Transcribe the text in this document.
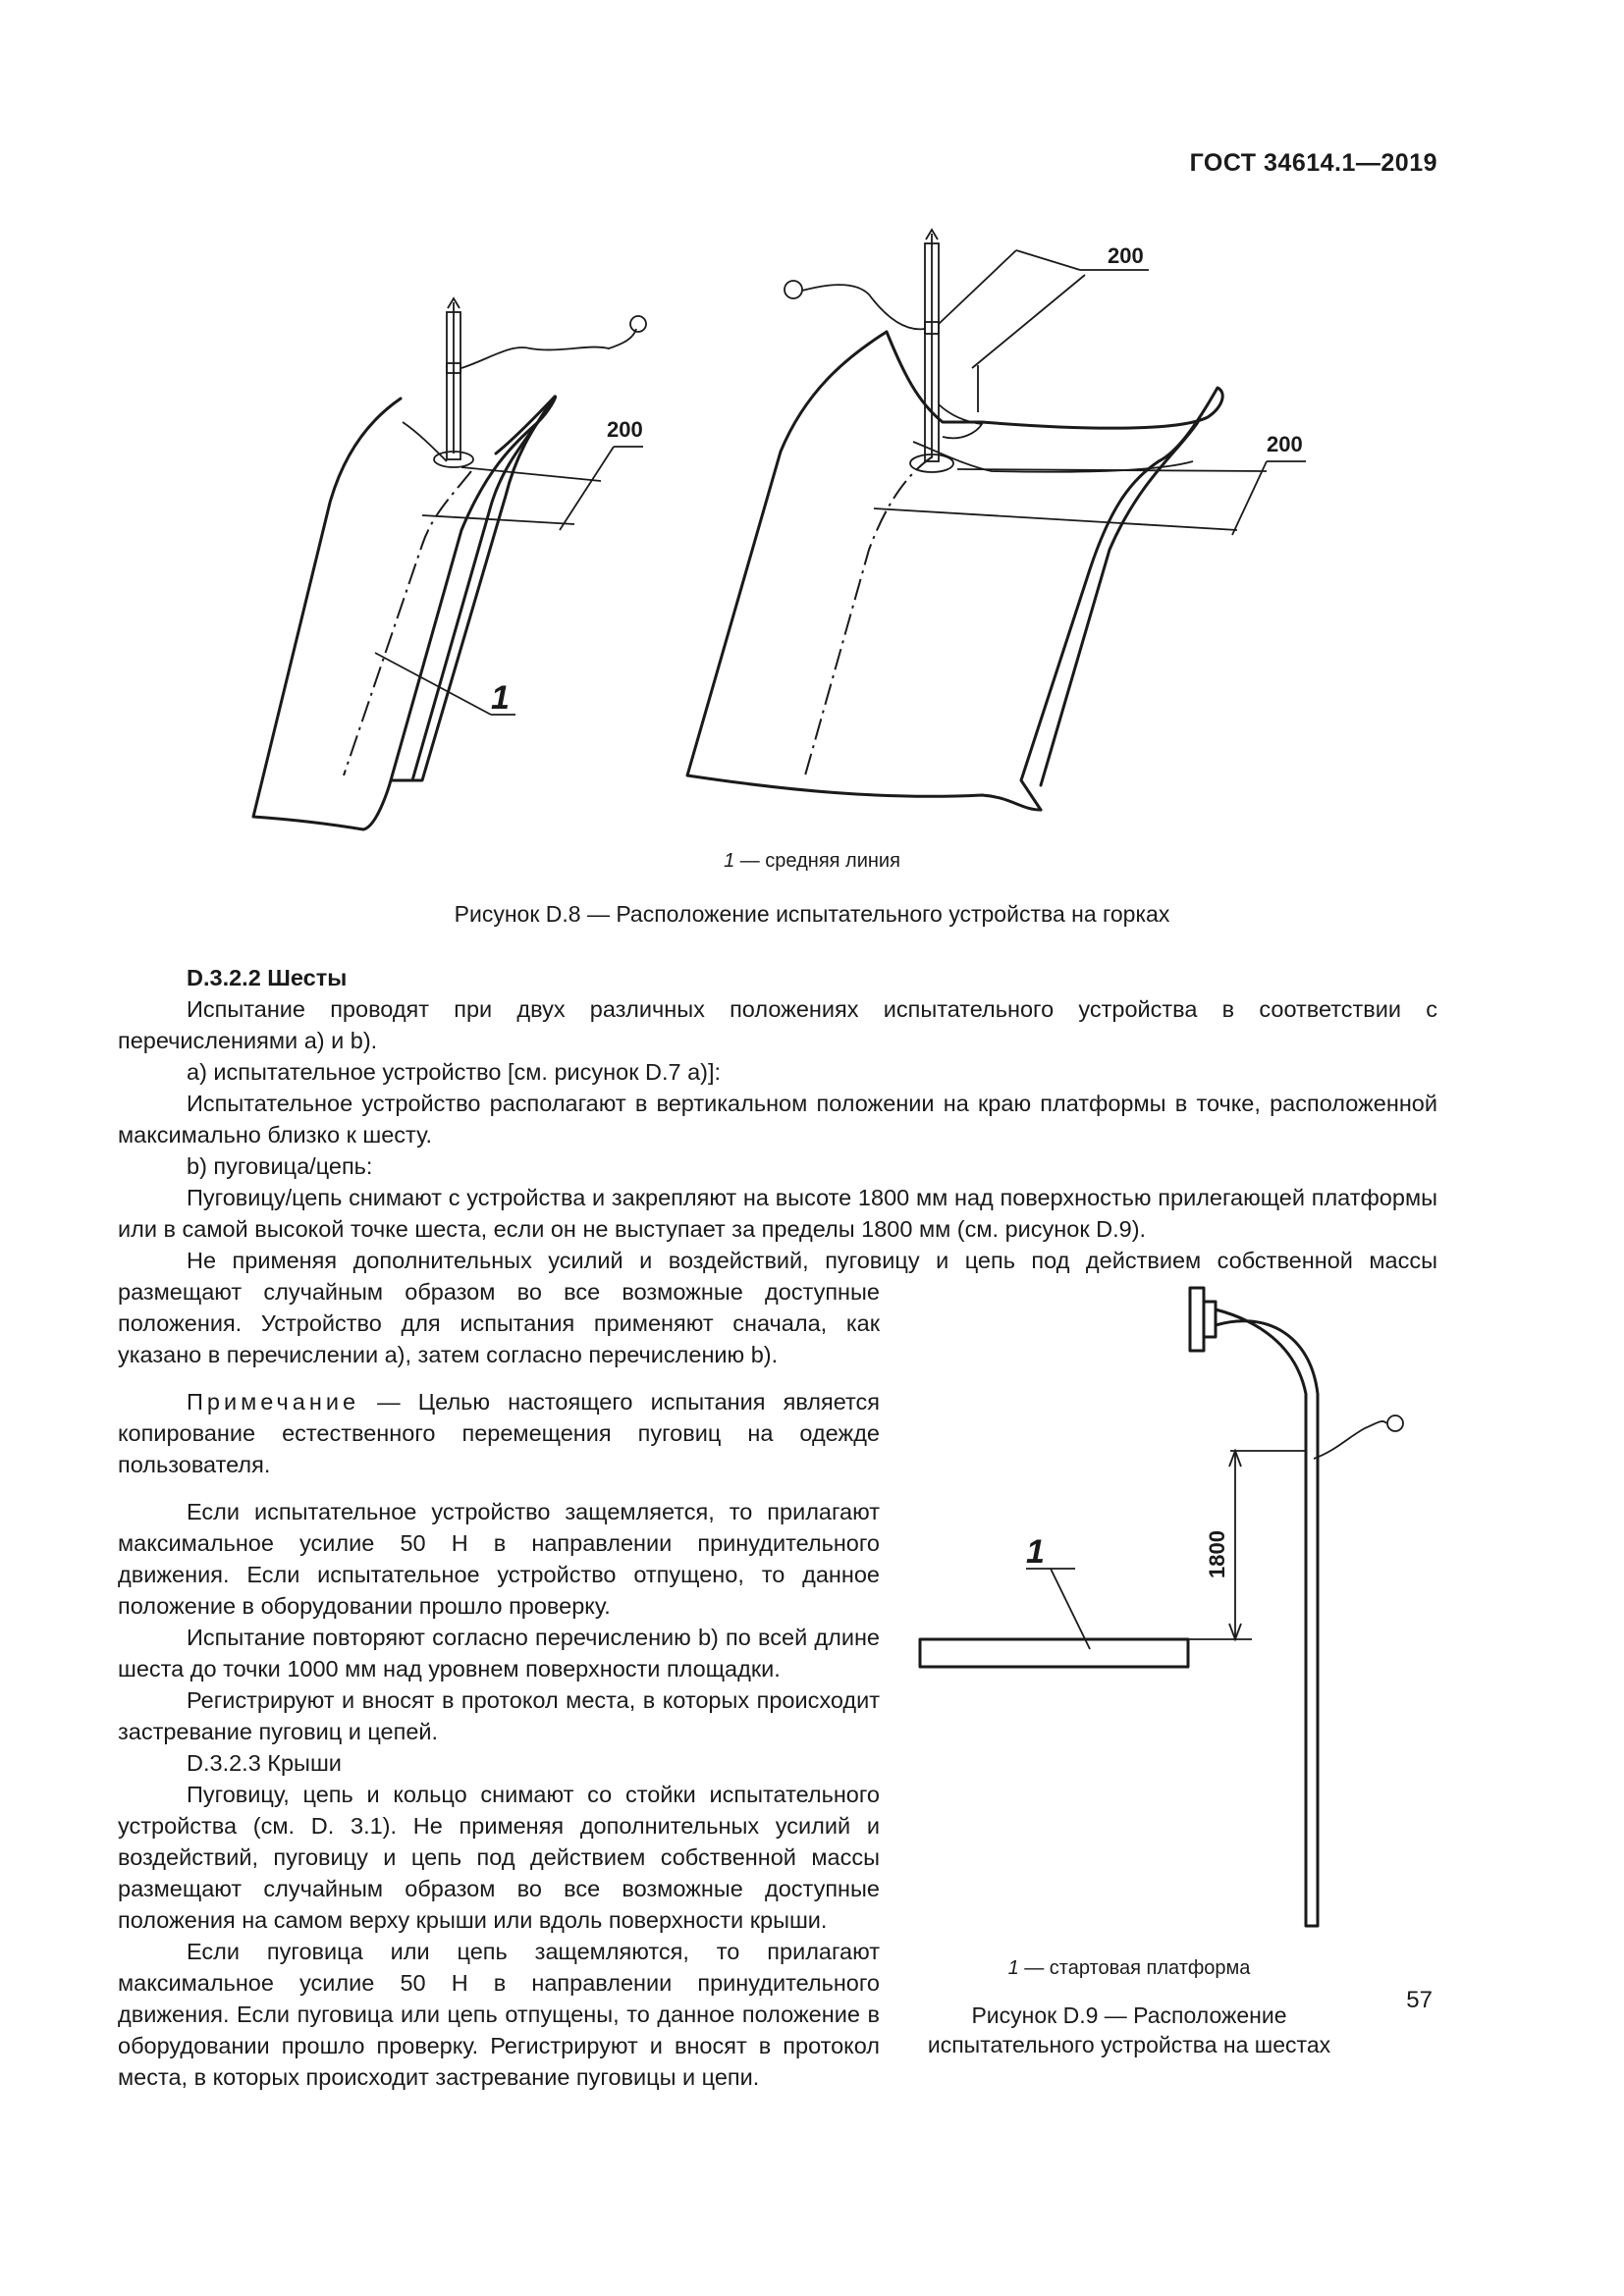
ГОСТ 34614.1—2019
200
1
200
200
1 — средняя линия
Рисунок D.8 — Расположение испытательного устройства на горках

D.3.2.2 Шесты

Испытание проводят при двух различных положениях испытательного устройства в соответствии с перечислениями a) и b).

a) испытательное устройство [см. рисунок D.7 a)]:

Испытательное устройство располагают в вертикальном положении на краю платформы в точке, расположенной максимально близко к шесту.

b) пуговица/цепь:

Пуговицу/цепь снимают с устройства и закрепляют на высоте 1800 мм над поверхностью прилегающей платформы или в самой высокой точке шеста, если он не выступает за пределы 1800 мм (см. рисунок D.9).

Не применяя дополнительных усилий и воздействий, пуговицу и цепь под действием собственной массы

размещают случайным образом во все возможные доступные положения. Устройство для испытания применяют сначала, как указано в перечислении a), затем согласно перечислению b).

Примечание — Целью настоящего испытания является копирование естественного перемещения пуговиц на одежде пользователя.

Если испытательное устройство защемляется, то прилагают максимальное усилие 50 Н в направлении принудительного движения. Если испытательное устройство отпущено, то данное положение в оборудовании прошло проверку.

Испытание повторяют согласно перечислению b) по всей длине шеста до точки 1000 мм над уровнем поверхности площадки.

Регистрируют и вносят в протокол места, в которых происходит застревание пуговиц и цепей.

D.3.2.3 Крыши

Пуговицу, цепь и кольцо снимают со стойки испытательного устройства (см. D. 3.1). Не применяя дополнительных усилий и воздействий, пуговицу и цепь под действием собственной массы размещают случайным образом во все возможные доступные положения на самом верху крыши или вдоль поверхности крыши.

Если пуговица или цепь защемляются, то прилагают максимальное усилие 50 Н в направлении принудительного движения. Если пуговица или цепь отпущены, то данное положение в оборудовании прошло проверку. Регистрируют и вносят в протокол места, в которых происходит застревание пуговицы и цепи.

1800
1
1 — стартовая платформа
Рисунок D.9 — Расположение
испытательного устройства на шестах
57
